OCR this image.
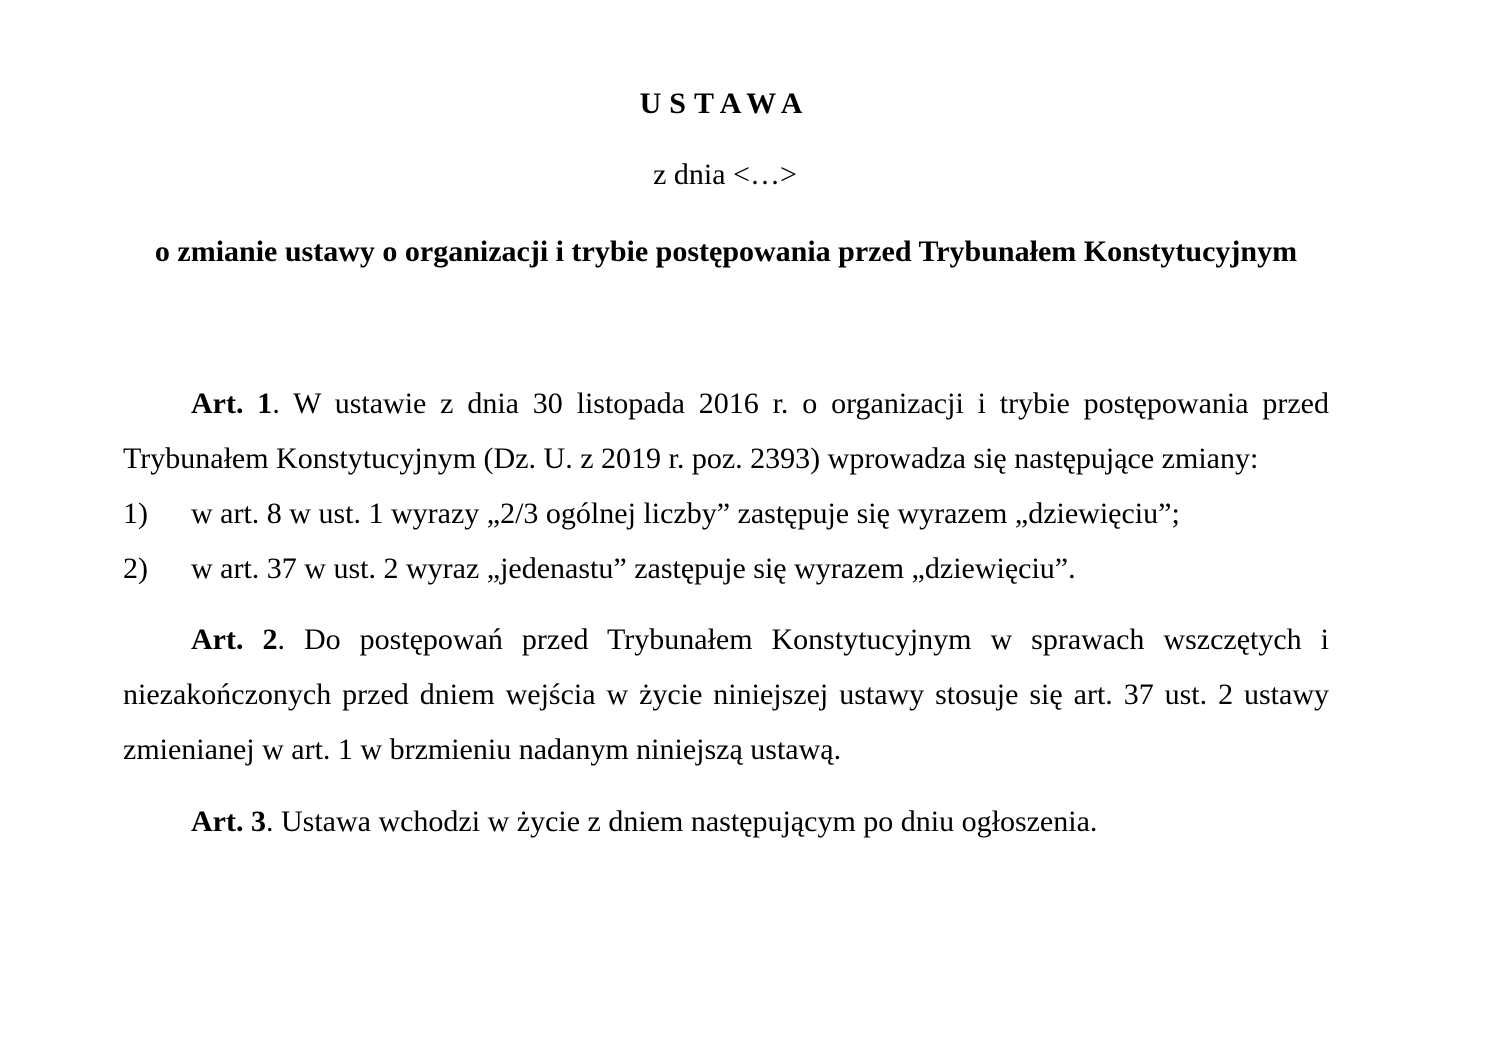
USTAWA
z dnia <…>
o zmianie ustawy o organizacji i trybie postępowania przed Trybunałem Konstytucyjnym

Art. 1. W ustawie z dnia 30 listopada 2016 r. o organizacji i trybie postępowania przed Trybunałem Konstytucyjnym (Dz. U. z 2019 r. poz. 2393) wprowadza się następujące zmiany:

1) w art. 8 w ust. 1 wyrazy „2/3 ogólnej liczby” zastępuje się wyrazem „dziewięciu”;

2) w art. 37 w ust. 2 wyraz „jedenastu” zastępuje się wyrazem „dziewięciu”.

Art. 2. Do postępowań przed Trybunałem Konstytucyjnym w sprawach wszczętych i niezakończonych przed dniem wejścia w życie niniejszej ustawy stosuje się art. 37 ust. 2 ustawy zmienianej w art. 1 w brzmieniu nadanym niniejszą ustawą.

Art. 3. Ustawa wchodzi w życie z dniem następującym po dniu ogłoszenia.
